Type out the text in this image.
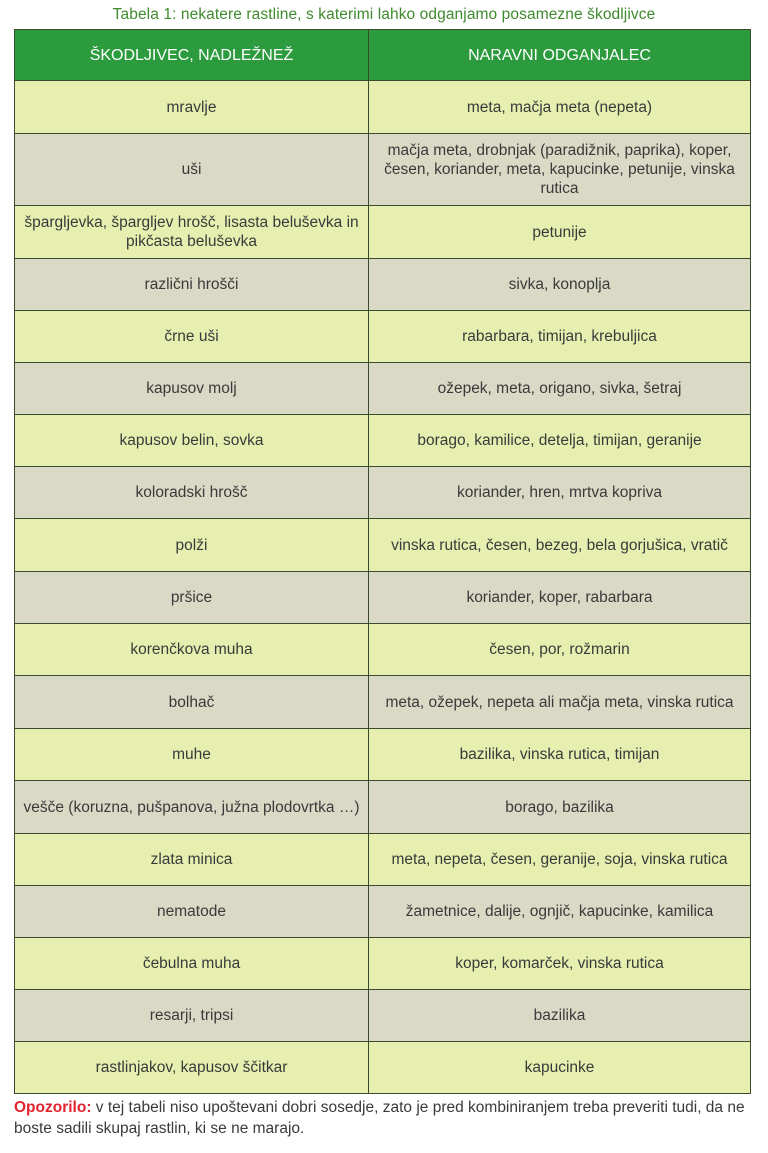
Tabela 1: nekatere rastline, s katerimi lahko odganjamo posamezne škodljivce
ŠKODLJIVEC, NADLEŽNEŽ	NARAVNI ODGANJALEC
mravlje	meta, mačja meta (nepeta)
uši	mačja meta, drobnjak (paradižnik, paprika), koper, česen, koriander, meta, kapucinke, petunije, vinska rutica
špargljevka, špargljev hrošč, lisasta beluševka in pikčasta beluševka	petunije
različni hrošči	sivka, konoplja
črne uši	rabarbara, timijan, krebuljica
kapusov molj	ožepek, meta, origano, sivka, šetraj
kapusov belin, sovka	borago, kamilice, detelja, timijan, geranije
koloradski hrošč	koriander, hren, mrtva kopriva
polži	vinska rutica, česen, bezeg, bela gorjušica, vratič
pršice	koriander, koper, rabarbara
korenčkova muha	česen, por, rožmarin
bolhač	meta, ožepek, nepeta ali mačja meta, vinska rutica
muhe	bazilika, vinska rutica, timijan
vešče (koruzna, pušpanova, južna plodovrtka …)	borago, bazilika
zlata minica	meta, nepeta, česen, geranije, soja, vinska rutica
nematode	žametnice, dalije, ognjič, kapucinke, kamilica
čebulna muha	koper, komarček, vinska rutica
resarji, tripsi	bazilika
rastlinjakov, kapusov ščitkar	kapucinke
Opozorilo: v tej tabeli niso upoštevani dobri sosedje, zato je pred kombiniranjem treba preveriti tudi, da ne boste sadili skupaj rastlin, ki se ne marajo.
